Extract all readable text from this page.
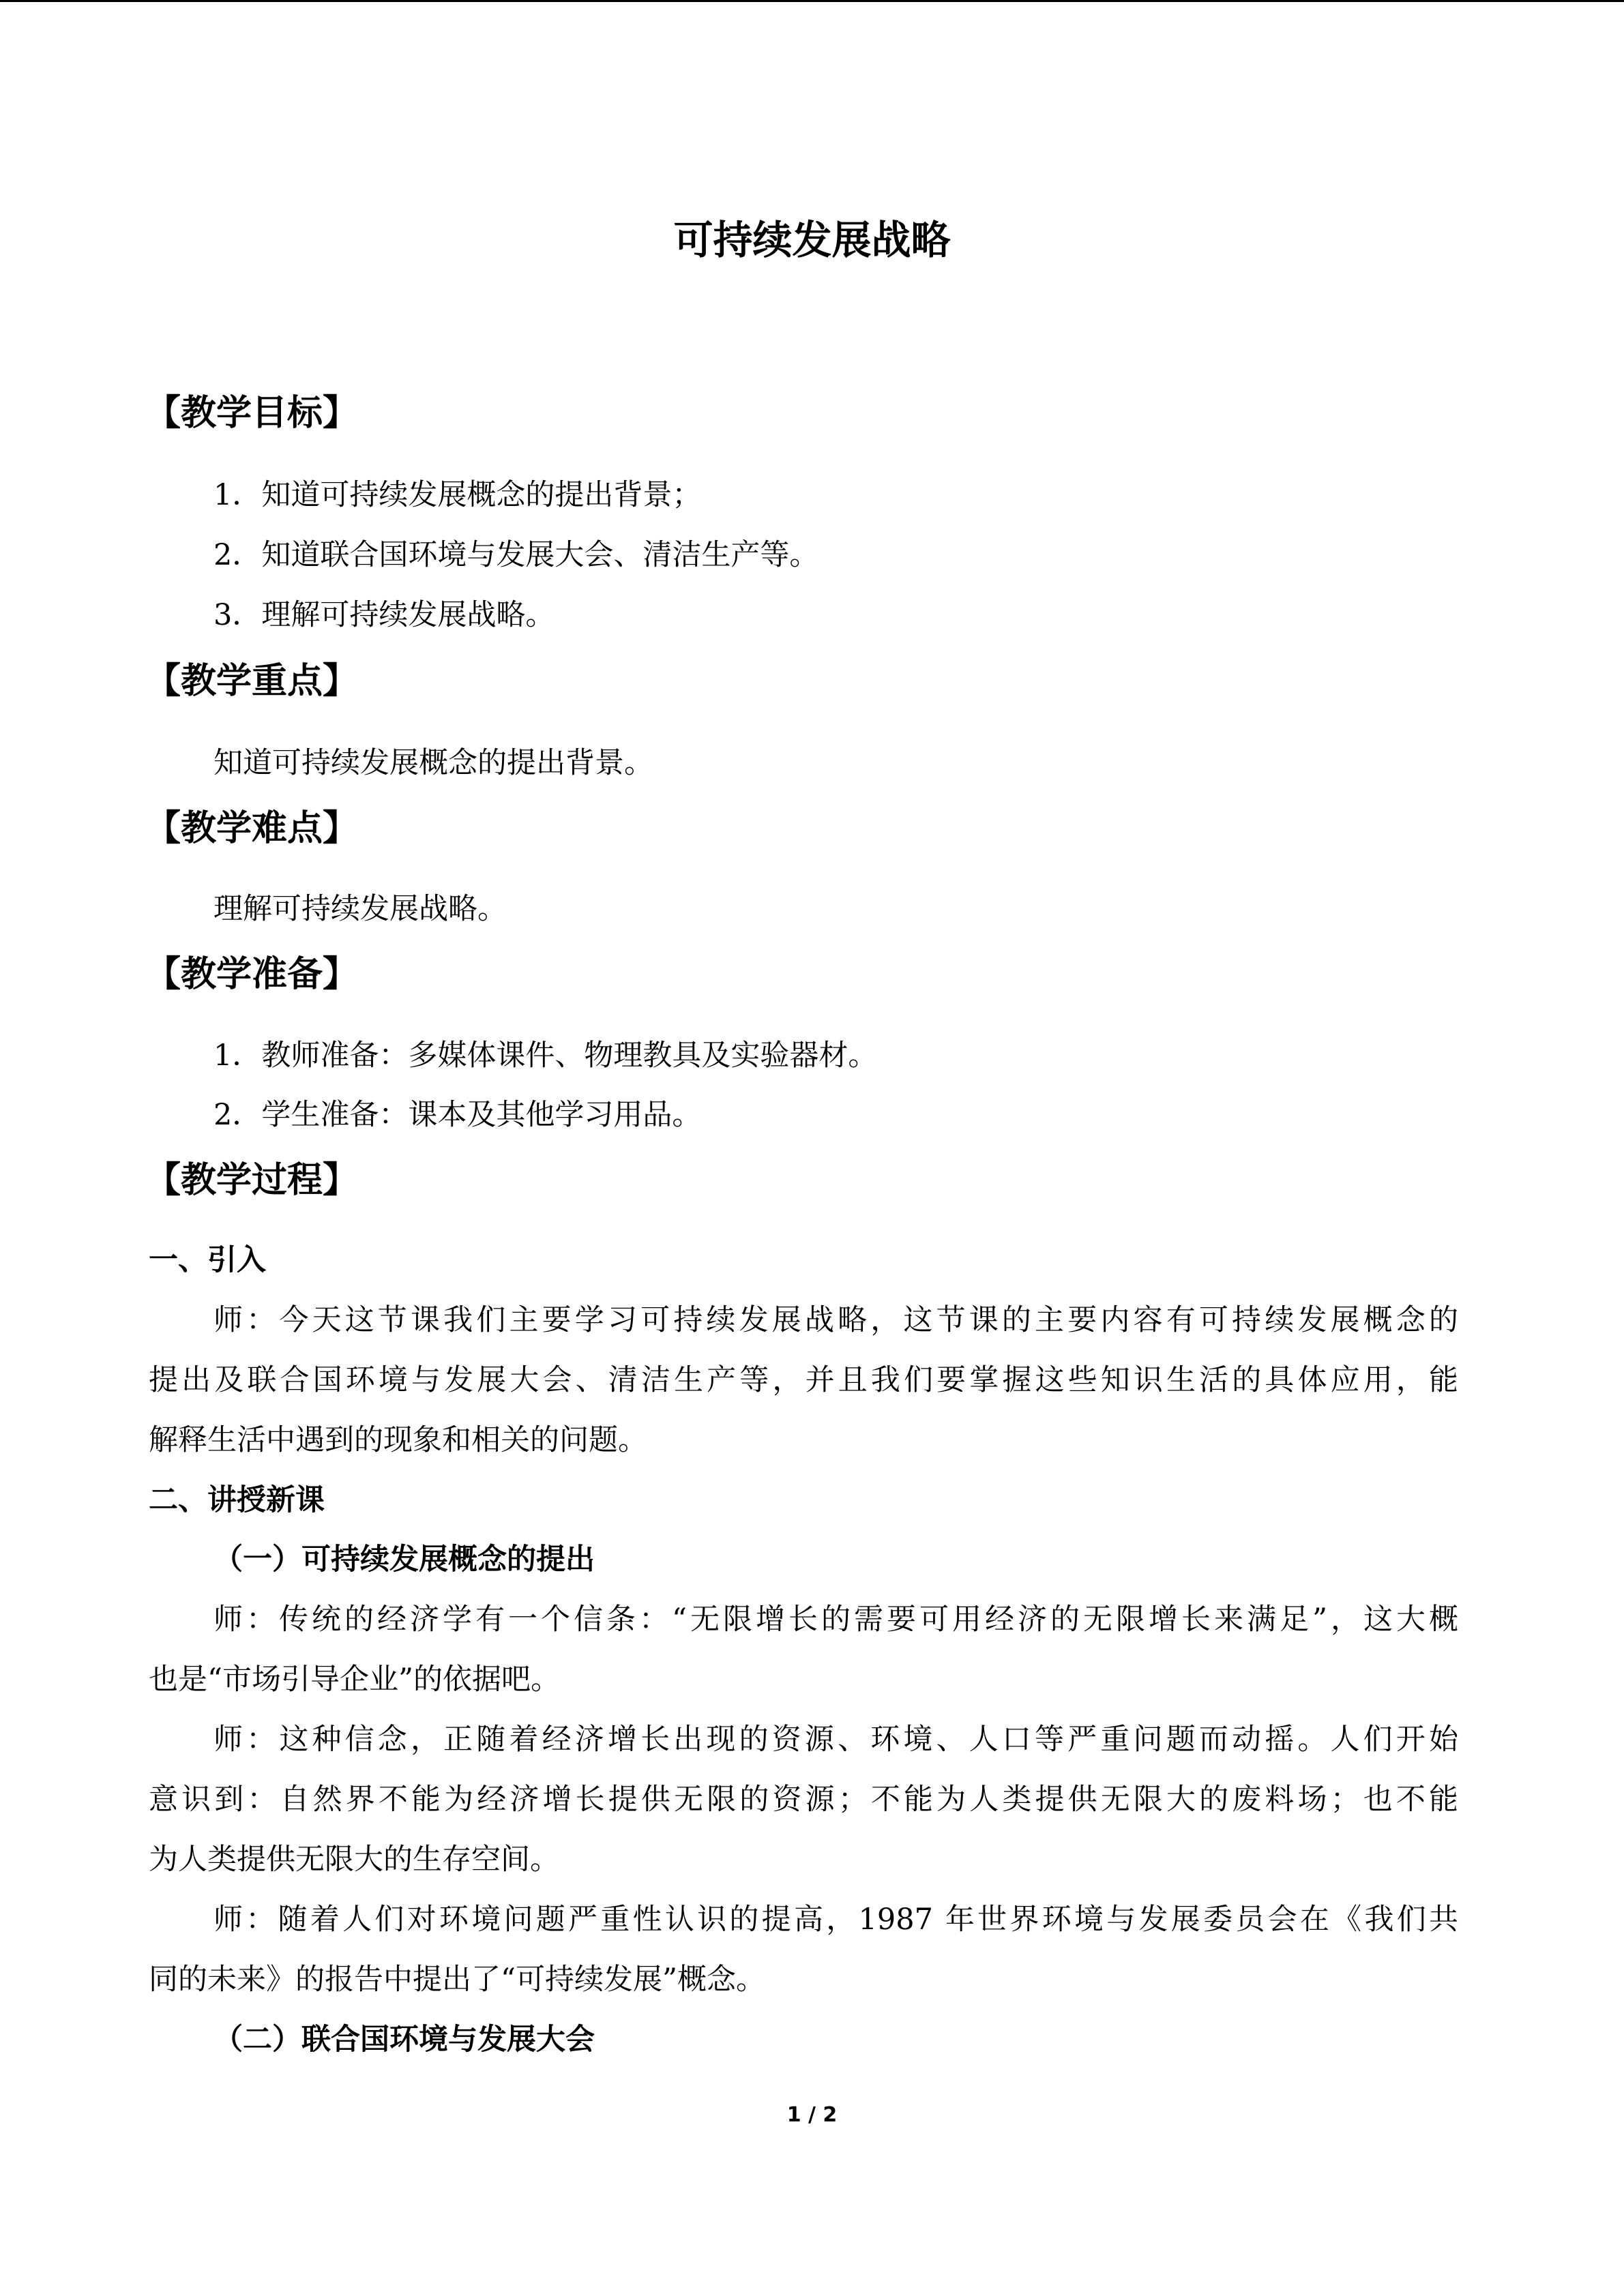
可持续发展战略
【教学目标】

1．知道可持续发展概念的提出背景；

2．知道联合国环境与发展大会、清洁生产等。

3．理解可持续发展战略。

【教学重点】

知道可持续发展概念的提出背景。

【教学难点】

理解可持续发展战略。

【教学准备】

1．教师准备：多媒体课件、物理教具及实验器材。

2．学生准备：课本及其他学习用品。

【教学过程】

一、引入

师：今天这节课我们主要学习可持续发展战略，这节课的主要内容有可持续发展概念的

提出及联合国环境与发展大会、清洁生产等，并且我们要掌握这些知识生活的具体应用，能

解释生活中遇到的现象和相关的问题。

二、讲授新课

（一）可持续发展概念的提出

师：传统的经济学有一个信条：“无限增长的需要可用经济的无限增长来满足”，这大概

也是“市场引导企业”的依据吧。

师：这种信念，正随着经济增长出现的资源、环境、人口等严重问题而动摇。人们开始

意识到：自然界不能为经济增长提供无限的资源；不能为人类提供无限大的废料场；也不能

为人类提供无限大的生存空间。

师：随着人们对环境问题严重性认识的提高，1987 年世界环境与发展委员会在《我们共

同的未来》的报告中提出了“可持续发展”概念。

（二）联合国环境与发展大会

1 / 2
